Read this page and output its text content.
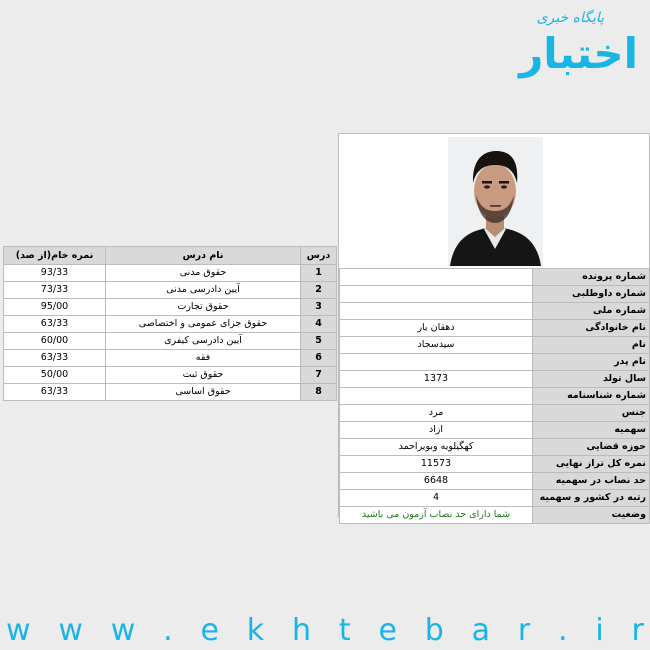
پایگاه خبری
اختبار
درس	نام درس	نمره خام(از صد)
1	حقوق مدنی	93/33
2	آیین دادرسی مدنی	73/33
3	حقوق تجارت	95/00
4	حقوق جزای عمومی و اختصاصی	63/33
5	آیین دادرسی کیفری	60/00
6	فقه	63/33
7	حقوق ثبت	50/00
8	حقوق اساسی	63/33
شماره پرونده	
شماره داوطلبی	
شماره ملی	
نام خانوادگی	دهقان یار
نام	سیدسجاد
نام پدر	
سال تولد	1373
شماره شناسنامه	
جنس	مرد
سهمیه	ازاد
حوزه قضایی	کهگیلویه وبویراحمد
نمره کل تراز نهایی	11573
حد نصاب در سهمیه	6648
رتبه در کشور و سهمیه	4
وضعیت	شما دارای حد نصاب آزمون می باشید
w w w . e k h t e b a r . i r
